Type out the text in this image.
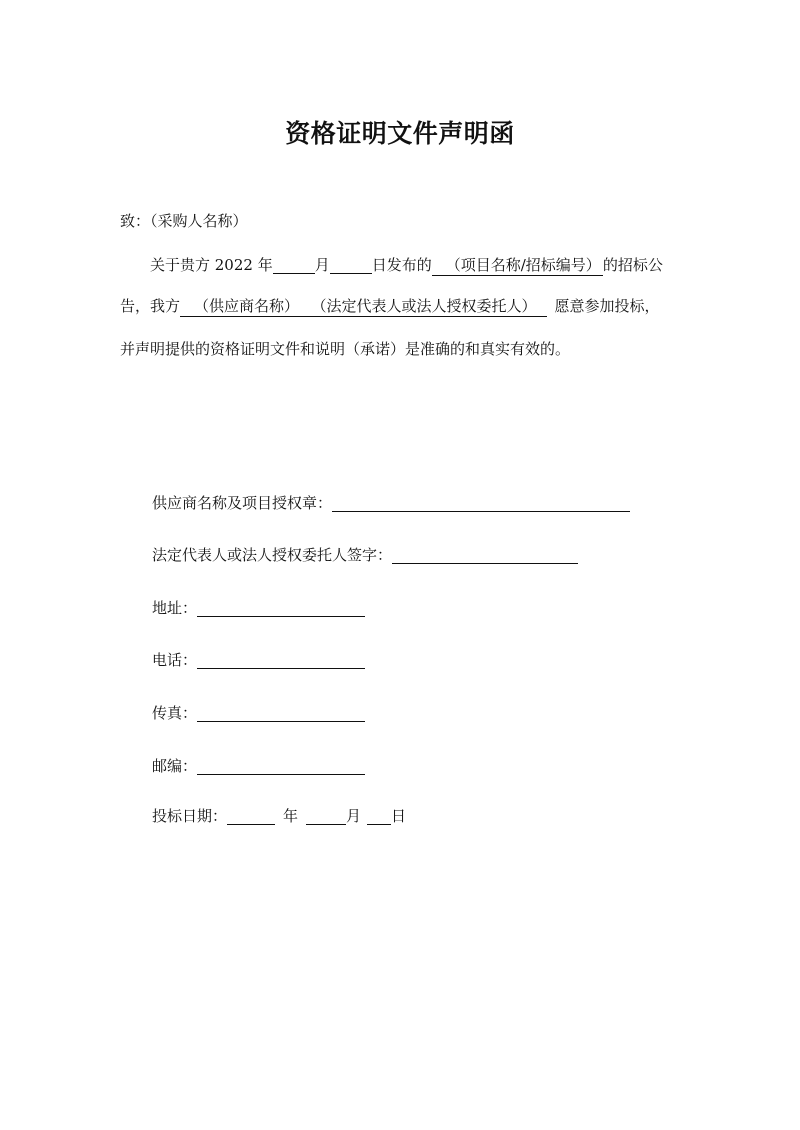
资格证明文件声明函
致：（采购人名称）
关于贵方 2022 年	月	日发布的 （项目名称/招标编号） 的招标公
告，我方 （供应商名称） （法定代表人或法人授权委托人） 愿意参加投标，
并声明提供的资格证明文件和说明（承诺）是准确的和真实有效的。
供应商名称及项目授权章：
法定代表人或法人授权委托人签字：
地址：
电话：
传真：
邮编：
投标日期：	年	月 日
